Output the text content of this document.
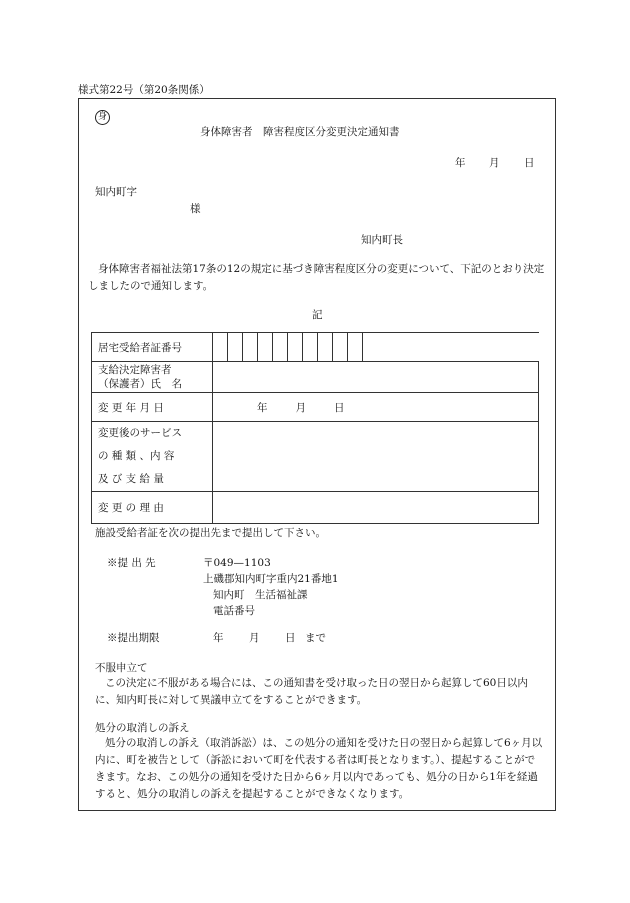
様式第22号（第20条関係）
身
身体障害者　障害程度区分変更決定通知書
年 月 日
知内町字
様
知内町長
身体障害者福祉法第17条の12の規定に基づき障害程度区分の変更について、下記のとおり決定しましたので通知します。
記
居宅受給者証番号	

支給決定障害者
（保護者）氏　名	

変 更 年 月 日	年 月 日

変更後のサービス
の 種 類 、内 容
及 び 支 給 量	

変 更 の 理 由	
施設受給者証を次の提出先まで提出して下さい。
※提 出 先	〒049—1103
上磯郡知内町字重内21番地1
知内町　生活福祉課
電話番号
※提出期限	年 月 日 まで
不服申立て
この決定に不服がある場合には、この通知書を受け取った日の翌日から起算して60日以内に、知内町長に対して異議申立てをすることができます。
処分の取消しの訴え
処分の取消しの訴え（取消訴訟）は、この処分の通知を受けた日の翌日から起算して6ヶ月以内に、町を被告として（訴訟において町を代表する者は町長となります。）、提起することができます。なお、この処分の通知を受けた日から6ヶ月以内であっても、処分の日から1年を経過すると、処分の取消しの訴えを提起することができなくなります。
